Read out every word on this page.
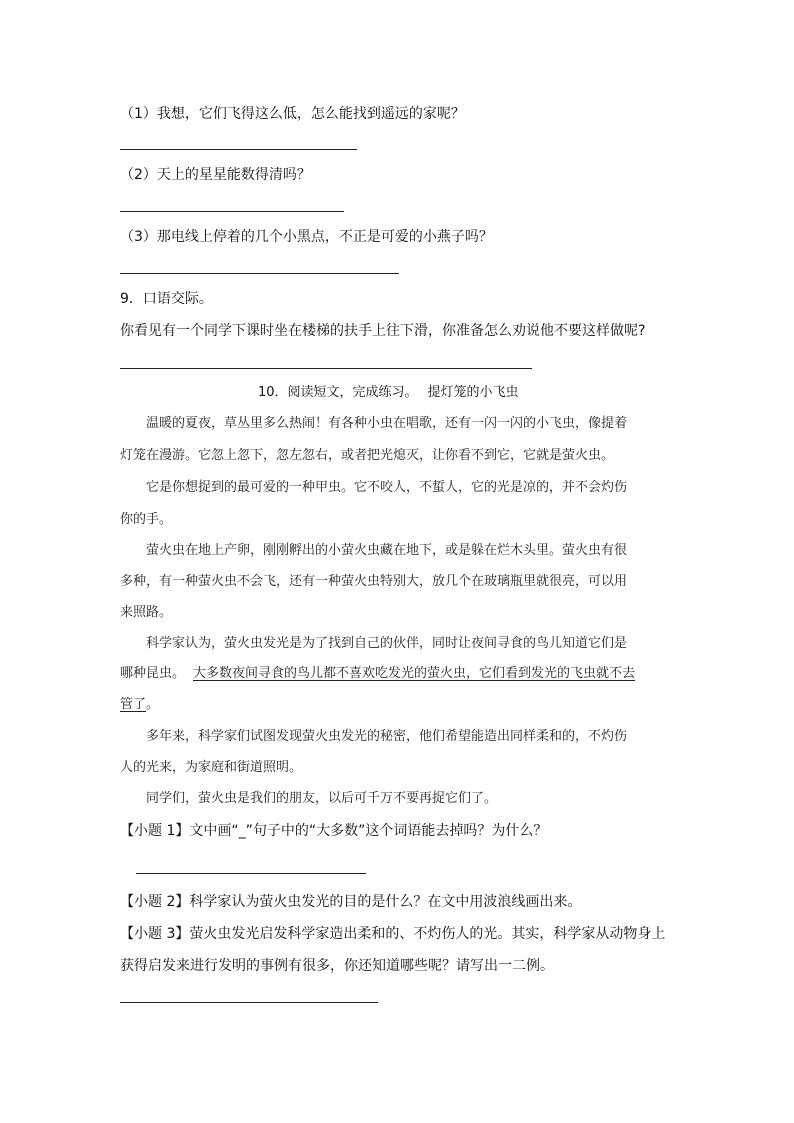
（1）我想，它们飞得这么低，怎么能找到遥远的家呢？
（2）天上的星星能数得清吗？
（3）那电线上停着的几个小黑点，不正是可爱的小燕子吗？
9．口语交际。
你看见有一个同学下课时坐在楼梯的扶手上往下滑，你准备怎么劝说他不要这样做呢?
10．阅读短文，完成练习。 提灯笼的小飞虫
温暖的夏夜，草丛里多么热闹！有各种小虫在唱歌，还有一闪一闪的小飞虫，像提着
灯笼在漫游。它忽上忽下，忽左忽右，或者把光熄灭，让你看不到它，它就是萤火虫。
它是你想捉到的最可爱的一种甲虫。它不咬人，不蜇人，它的光是凉的，并不会灼伤
你的手。
萤火虫在地上产卵，刚刚孵出的小萤火虫藏在地下，或是躲在烂木头里。萤火虫有很
多种，有一种萤火虫不会飞，还有一种萤火虫特别大，放几个在玻璃瓶里就很亮，可以用
来照路。
科学家认为，萤火虫发光是为了找到自己的伙伴，同时让夜间寻食的鸟儿知道它们是
哪种昆虫。 大多数夜间寻食的鸟儿都不喜欢吃发光的萤火虫，它们看到发光的飞虫就不去
管了。
多年来，科学家们试图发现萤火虫发光的秘密，他们希望能造出同样柔和的，不灼伤
人的光来，为家庭和街道照明。
同学们，萤火虫是我们的朋友，以后可千万不要再捉它们了。
【小题 1】文中画“_”句子中的“大多数”这个词语能去掉吗？为什么？
【小题 2】科学家认为萤火虫发光的目的是什么？在文中用波浪线画出来。
【小题 3】萤火虫发光启发科学家造出柔和的、不灼伤人的光。其实，科学家从动物身上
获得启发来进行发明的事例有很多，你还知道哪些呢？请写出一二例。
